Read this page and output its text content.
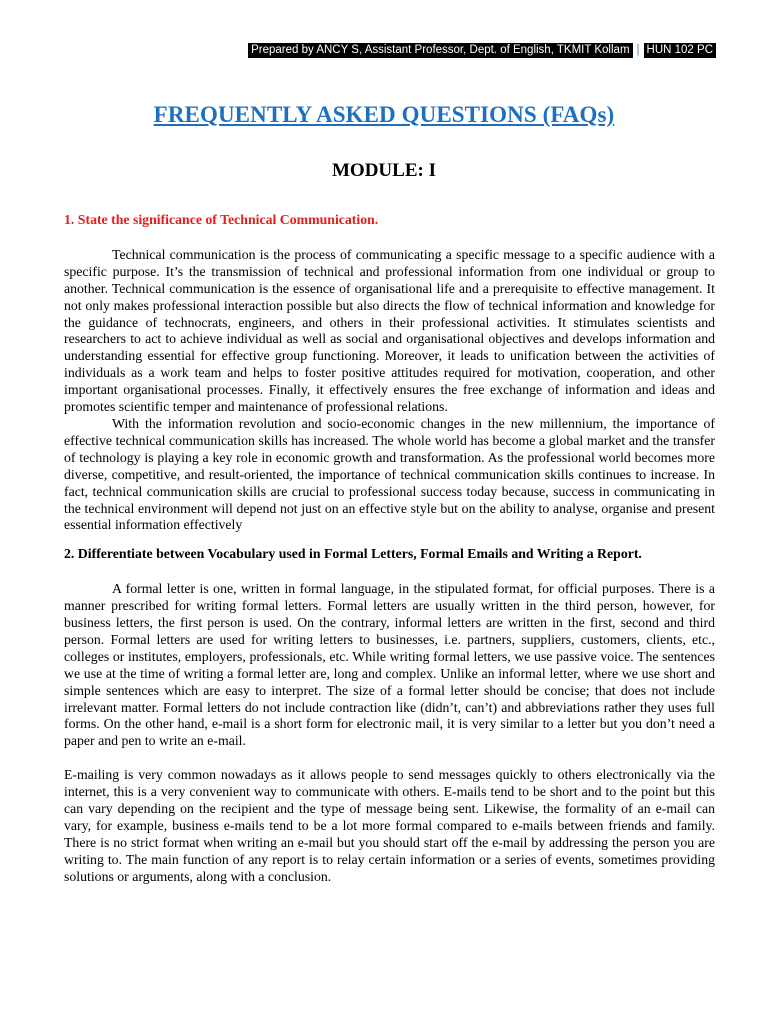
Prepared by ANCY S, Assistant Professor, Dept. of English, TKMIT Kollam | HUN 102 PC
FREQUENTLY ASKED QUESTIONS (FAQs)
MODULE: I

1. State the significance of Technical Communication.

Technical communication is the process of communicating a specific message to a specific audience with a specific purpose. It’s the transmission of technical and professional information from one individual or group to another. Technical communication is the essence of organisational life and a prerequisite to effective management. It not only makes professional interaction possible but also directs the flow of technical information and knowledge for the guidance of technocrats, engineers, and others in their professional activities. It stimulates scientists and researchers to act to achieve individual as well as social and organisational objectives and develops information and understanding essential for effective group functioning. Moreover, it leads to unification between the activities of individuals as a work team and helps to foster positive attitudes required for motivation, cooperation, and other important organisational processes. Finally, it effectively ensures the free exchange of information and ideas and promotes scientific temper and maintenance of professional relations.

With the information revolution and socio-economic changes in the new millennium, the importance of effective technical communication skills has increased. The whole world has become a global market and the transfer of technology is playing a key role in economic growth and transformation. As the professional world becomes more diverse, competitive, and result-oriented, the importance of technical communication skills continues to increase. In fact, technical communication skills are crucial to professional success today because, success in communicating in the technical environment will depend not just on an effective style but on the ability to analyse, organise and present essential information effectively

2. Differentiate between Vocabulary used in Formal Letters, Formal Emails and Writing a Report.

A formal letter is one, written in formal language, in the stipulated format, for official purposes. There is a manner prescribed for writing formal letters. Formal letters are usually written in the third person, however, for business letters, the first person is used. On the contrary, informal letters are written in the first, second and third person. Formal letters are used for writing letters to businesses, i.e. partners, suppliers, customers, clients, etc., colleges or institutes, employers, professionals, etc. While writing formal letters, we use passive voice. The sentences we use at the time of writing a formal letter are, long and complex. Unlike an informal letter, where we use short and simple sentences which are easy to interpret. The size of a formal letter should be concise; that does not include irrelevant matter. Formal letters do not include contraction like (didn’t, can’t) and abbreviations rather they uses full forms. On the other hand, e-mail is a short form for electronic mail, it is very similar to a letter but you don’t need a paper and pen to write an e-mail.

E-mailing is very common nowadays as it allows people to send messages quickly to others electronically via the internet, this is a very convenient way to communicate with others. E-mails tend to be short and to the point but this can vary depending on the recipient and the type of message being sent. Likewise, the formality of an e-mail can vary, for example, business e-mails tend to be a lot more formal compared to e-mails between friends and family. There is no strict format when writing an e-mail but you should start off the e-mail by addressing the person you are writing to. The main function of any report is to relay certain information or a series of events, sometimes providing solutions or arguments, along with a conclusion.
